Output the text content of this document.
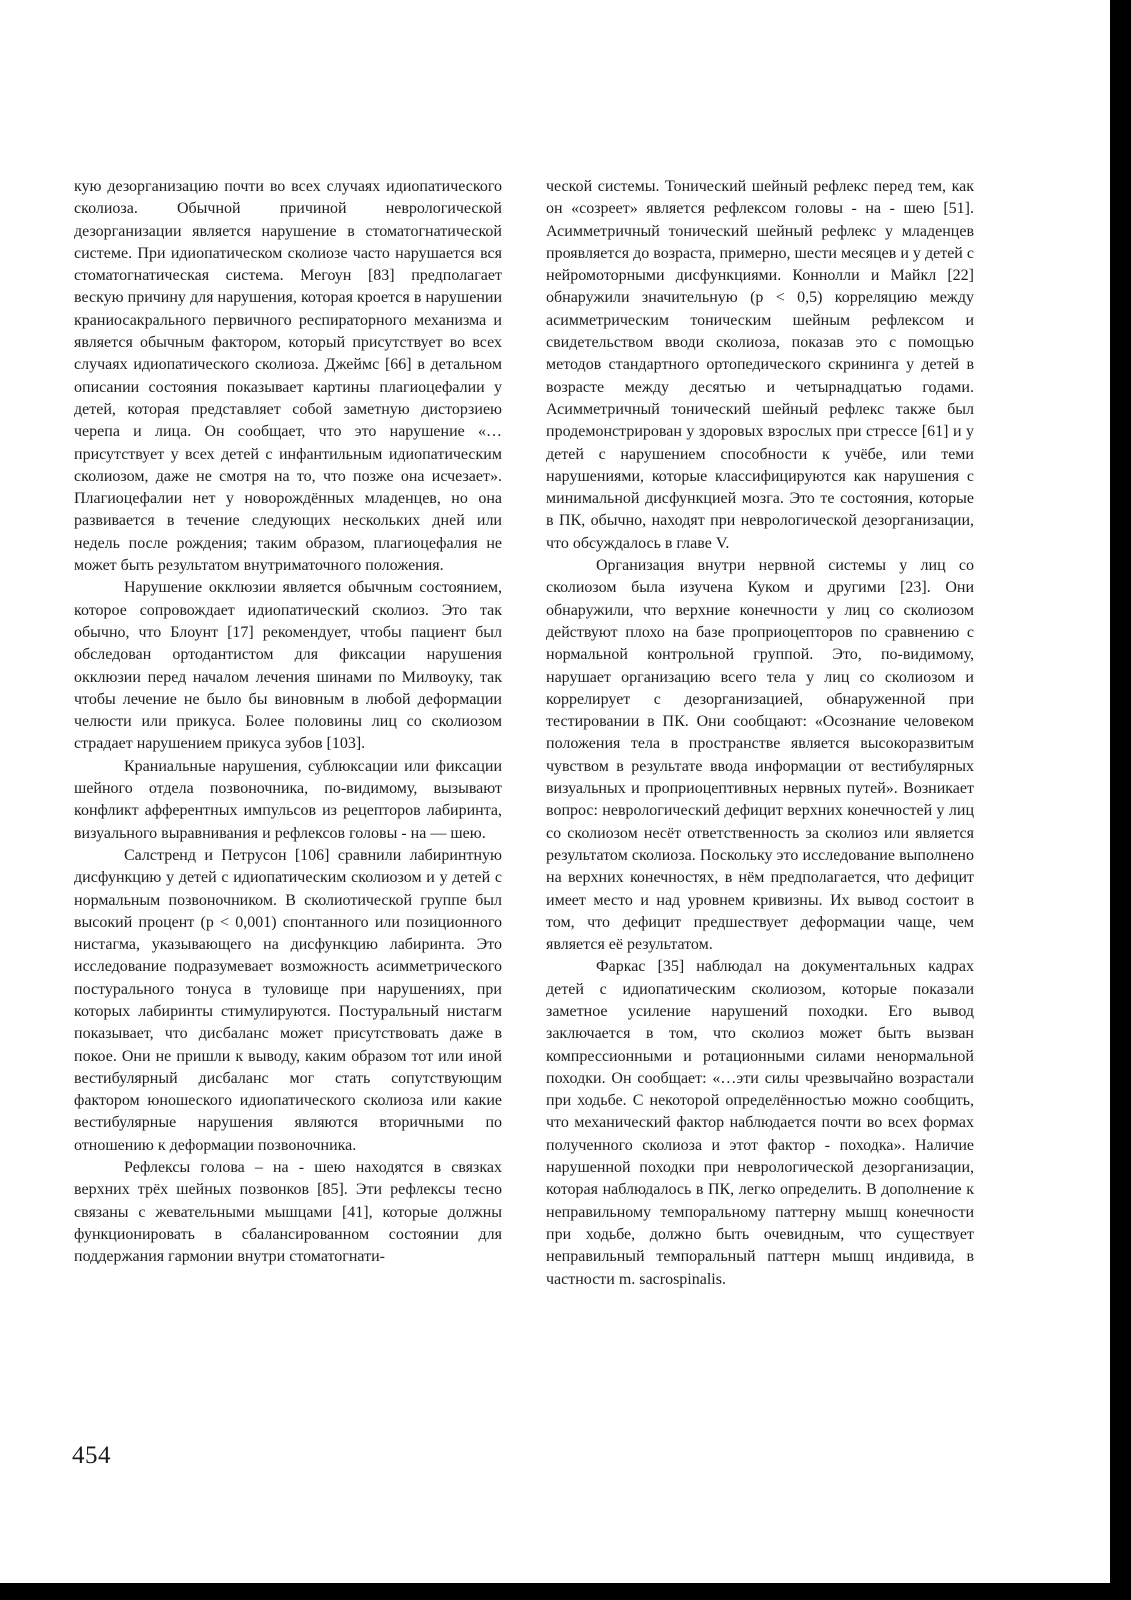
кую дезорганизацию почти во всех случаях идиопатического сколиоза. Обычной причиной неврологической дезорганизации является нарушение в стоматогнатической системе. При идиопатическом сколиозе часто нарушается вся стоматогнатическая система. Мегоун [83] предполагает вескую причину для нарушения, которая кроется в нарушении краниосакрального первичного респираторного механизма и является обычным фактором, который присутствует во всех случаях идиопатического сколиоза. Джеймс [66] в детальном описании состояния показывает картины плагиоцефалии у детей, которая представляет собой заметную дисторзиею черепа и лица. Он сообщает, что это нарушение «… присутствует у всех детей с инфантильным идиопатическим сколиозом, даже не смотря на то, что позже она исчезает». Плагиоцефалии нет у новорождённых младенцев, но она развивается в течение следующих нескольких дней или недель после рождения; таким образом, плагиоцефалия не может быть результатом внутриматочного положения.

Нарушение окклюзии является обычным состоянием, которое сопровождает идиопатический сколиоз. Это так обычно, что Блоунт [17] рекомендует, чтобы пациент был обследован ортодантистом для фиксации нарушения окклюзии перед началом лечения шинами по Милвоуку, так чтобы лечение не было бы виновным в любой деформации челюсти или прикуса. Более половины лиц со сколиозом страдает нарушением прикуса зубов [103].

Краниальные нарушения, сублюксации или фиксации шейного отдела позвоночника, по-видимому, вызывают конфликт афферентных импульсов из рецепторов лабиринта, визуального выравнивания и рефлексов головы - на — шею.

Салстренд и Петрусон [106] сравнили лабиринтную дисфункцию у детей с идиопатическим сколиозом и у детей с нормальным позвоночником. В сколиотической группе был высокий процент (р < 0,001) спонтанного или позиционного нистагма, указывающего на дисфункцию лабиринта. Это исследование подразумевает возможность асимметрического постурального тонуса в туловище при нарушениях, при которых лабиринты стимулируются. Постуральный нистагм показывает, что дисбаланс может присутствовать даже в покое. Они не пришли к выводу, каким образом тот или иной вестибулярный дисбаланс мог стать сопутствующим фактором юношеского идиопатического сколиоза или какие вестибулярные нарушения являются вторичными по отношению к деформации позвоночника.

Рефлексы голова – на - шею находятся в связках верхних трёх шейных позвонков [85]. Эти рефлексы тесно связаны с жевательными мышцами [41], которые должны функционировать в сбалансированном состоянии для поддержания гармонии внутри стоматогнати-

ческой системы. Тонический шейный рефлекс перед тем, как он «созреет» является рефлексом головы - на - шею [51]. Асимметричный тонический шейный рефлекс у младенцев проявляется до возраста, примерно, шести месяцев и у детей с нейромоторными дисфункциями. Коннолли и Майкл [22] обнаружили значительную (р < 0,5) корреляцию между асимметрическим тоническим шейным рефлексом и свидетельством вводи сколиоза, показав это с помощью методов стандартного ортопедического скрининга у детей в возрасте между десятью и четырнадцатью годами. Асимметричный тонический шейный рефлекс также был продемонстрирован у здоровых взрослых при стрессе [61] и у детей с нарушением способности к учёбе, или теми нарушениями, которые классифицируются как нарушения с минимальной дисфункцией мозга. Это те состояния, которые в ПК, обычно, находят при неврологической дезорганизации, что обсуждалось в главе V.

Организация внутри нервной системы у лиц со сколиозом была изучена Куком и другими [23]. Они обнаружили, что верхние конечности у лиц со сколиозом действуют плохо на базе проприоцепторов по сравнению с нормальной контрольной группой. Это, по-видимому, нарушает организацию всего тела у лиц со сколиозом и коррелирует с дезорганизацией, обнаруженной при тестировании в ПК. Они сообщают: «Осознание человеком положения тела в пространстве является высокоразвитым чувством в результате ввода информации от вестибулярных визуальных и проприоцептивных нервных путей». Возникает вопрос: неврологический дефицит верхних конечностей у лиц со сколиозом несёт ответственность за сколиоз или является результатом сколиоза. Поскольку это исследование выполнено на верхних конечностях, в нём предполагается, что дефицит имеет место и над уровнем кривизны. Их вывод состоит в том, что дефицит предшествует деформации чаще, чем является её результатом.

Фаркас [35] наблюдал на документальных кадрах детей с идиопатическим сколиозом, которые показали заметное усиление нарушений походки. Его вывод заключается в том, что сколиоз может быть вызван компрессионными и ротационными силами ненормальной походки. Он сообщает: «…эти силы чрезвычайно возрастали при ходьбе. С некоторой определённостью можно сообщить, что механический фактор наблюдается почти во всех формах полученного сколиоза и этот фактор - походка». Наличие нарушенной походки при неврологической дезорганизации, которая наблюдалось в ПК, легко определить. В дополнение к неправильному темпоральному паттерну мышц конечности при ходьбе, должно быть очевидным, что существует неправильный темпоральный паттерн мышц индивида, в частности m. sacrospinalis.

454
